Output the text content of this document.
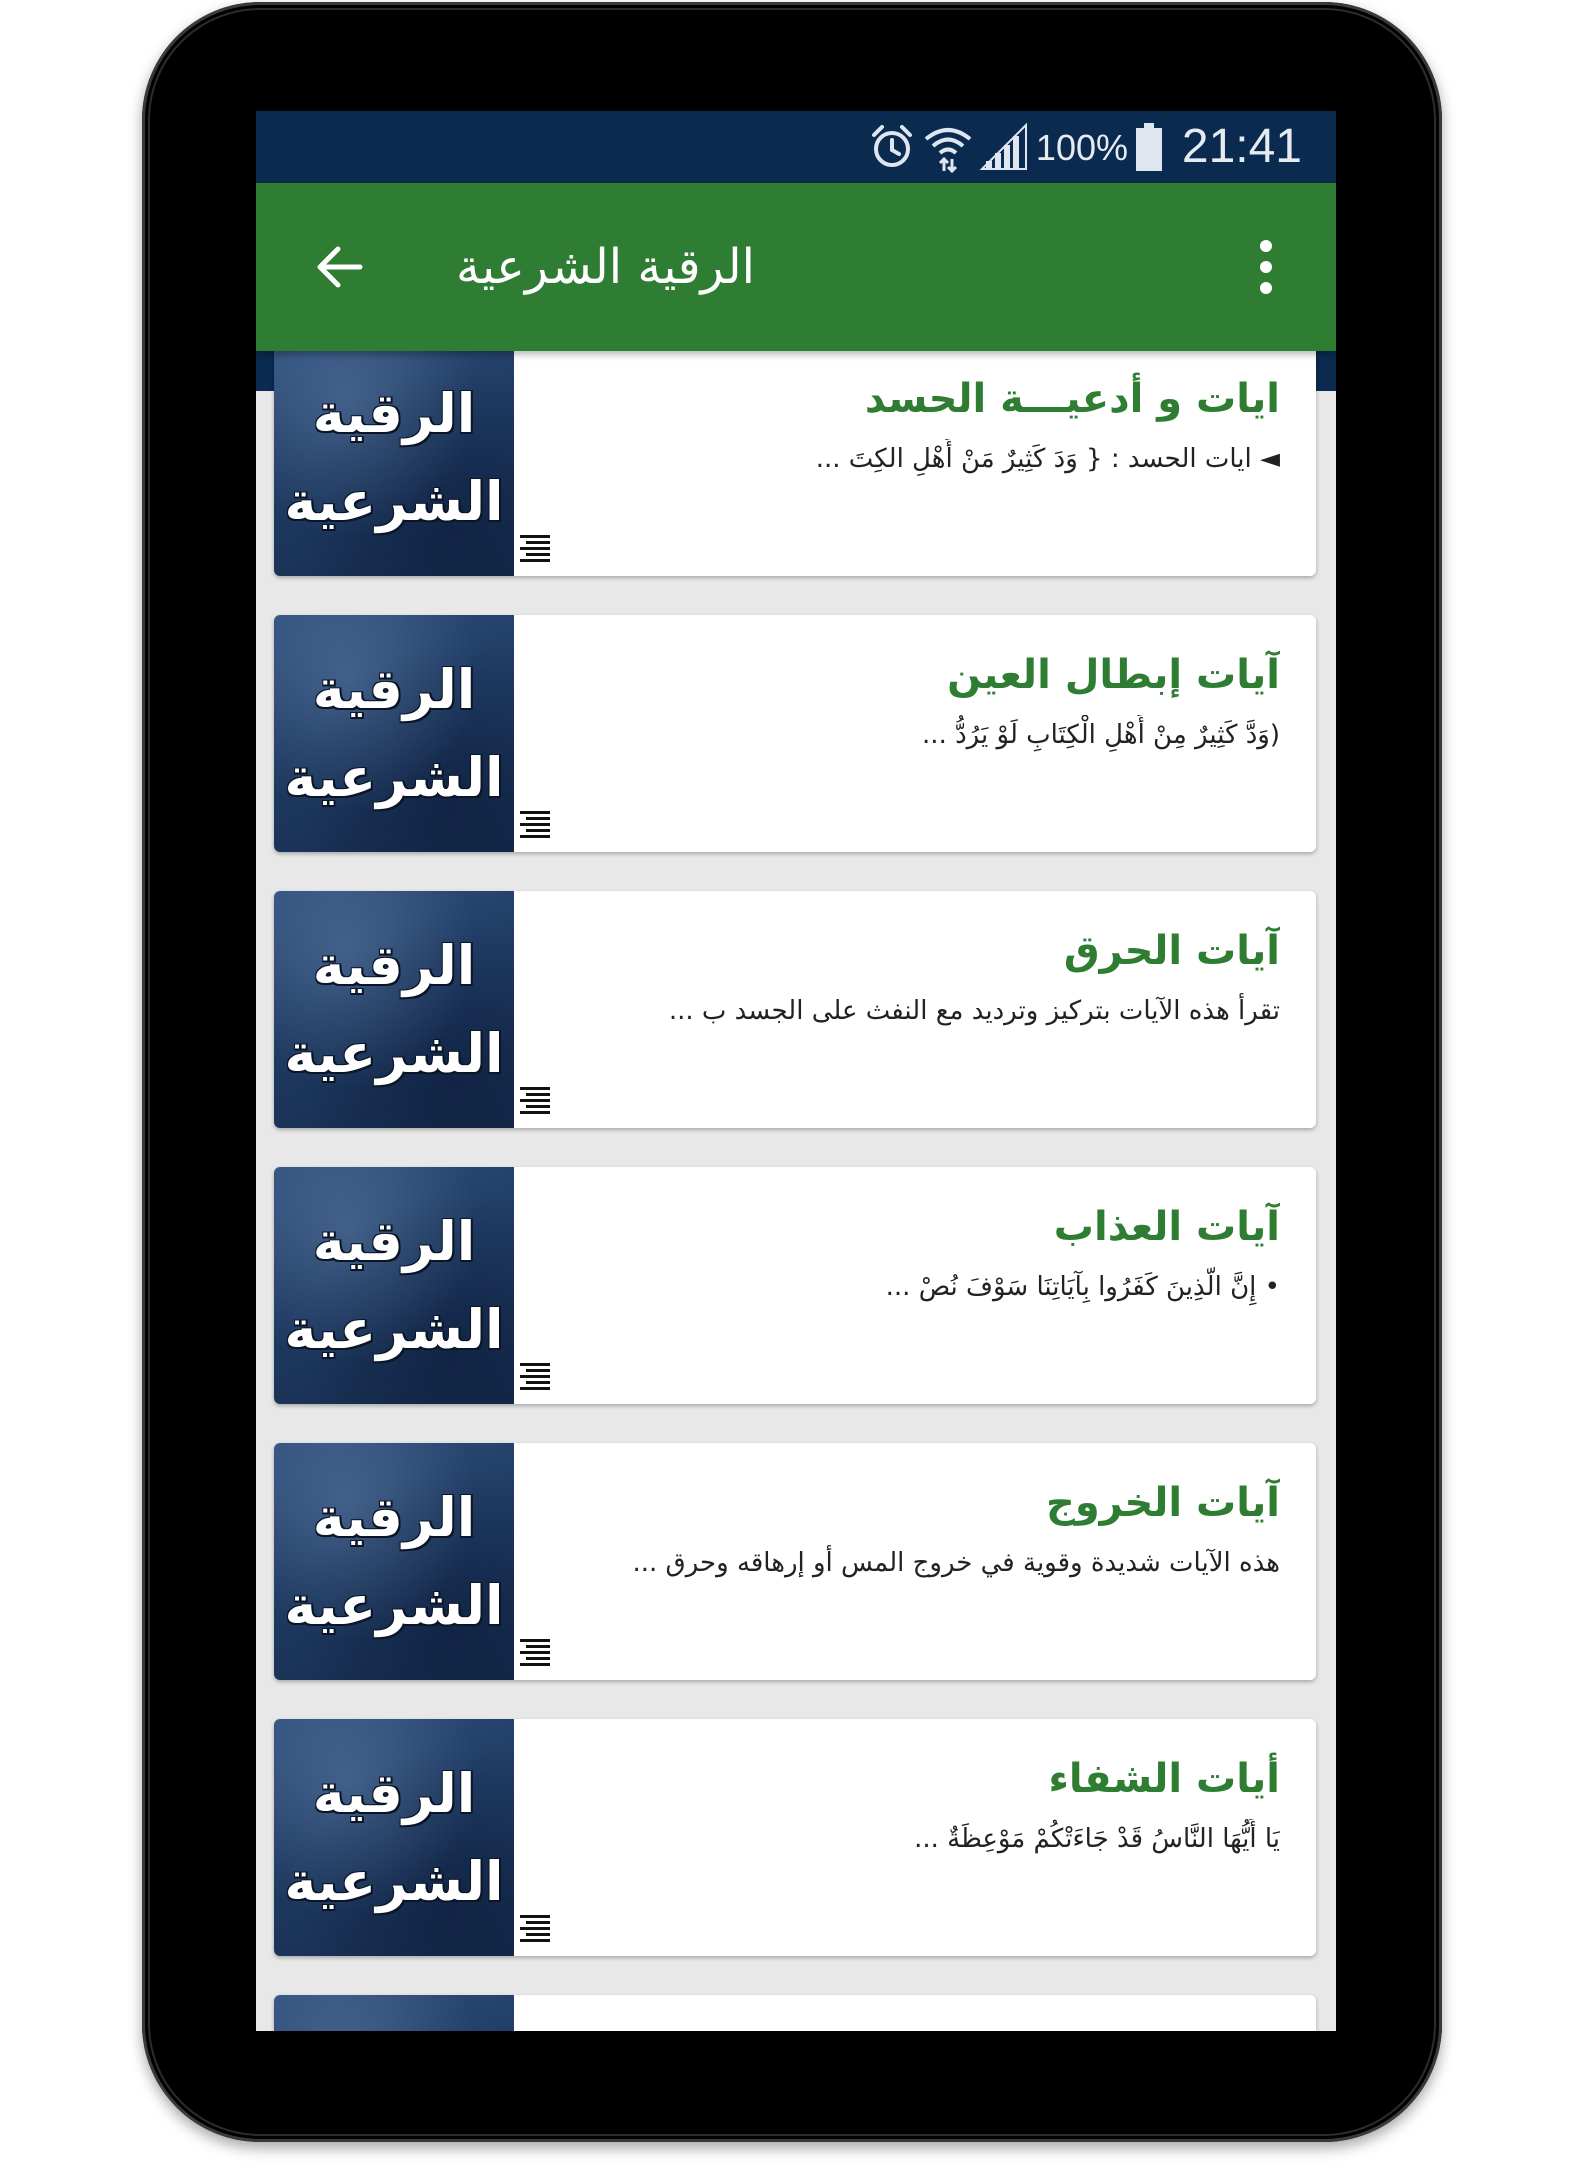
100% 21:41
الرقية الشرعية
الرقية
الشرعية
ايات و أدعيـــة الحسد
◄ ايات الحسد : { وَدَ كَثِيرٌ مَنْ أَهْلِ الكِتَ ...
الرقية
الشرعية
آيات إبطال العين
(وَدَّ كَثِيرٌ مِنْ أَهْلِ الْكِتَابِ لَوْ يَرُدُّ ...
الرقية
الشرعية
آيات الحرق
تقرأ هذه الآيات بتركيز وترديد مع النفث على الجسد ب ...
الرقية
الشرعية
آيات العذاب
• إِنَّ الَّذِينَ كَفَرُوا بِآيَاتِنَا سَوْفَ نُصْ ...
الرقية
الشرعية
آيات الخروج
هذه الآيات شديدة وقوية في خروج المس أو إرهاقه وحرق ...
الرقية
الشرعية
أيات الشفاء
يَا أَيُّهَا النَّاسُ قَدْ جَاءَتْكُمْ مَوْعِظَةٌ ...
